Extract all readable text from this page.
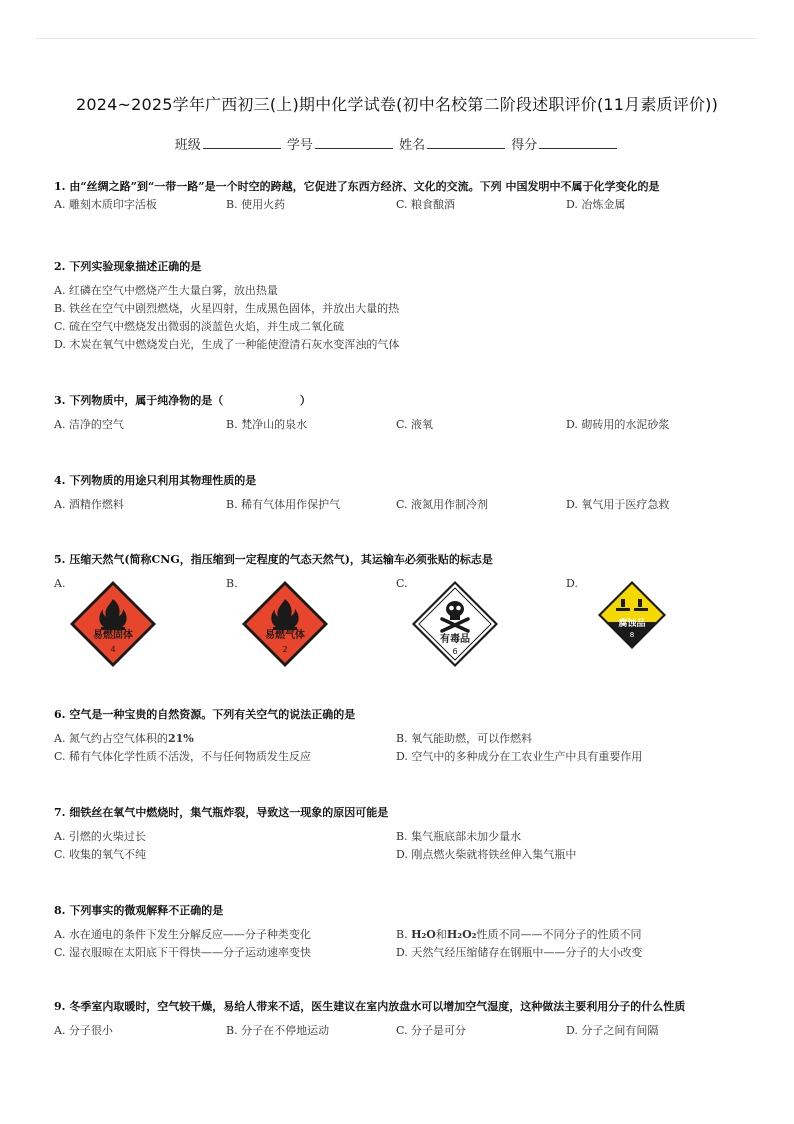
2024~2025学年广西初三(上)期中化学试卷(初中名校第二阶段述职评价(11月素质评价))
班级	学号	姓名	得分
1. 由“丝绸之路”到“一带一路”是一个时空的跨越，它促进了东西方经济、文化的交流。下列 中国发明中不属于化学变化的是
A. 雕刻木质印字活板	B. 使用火药	C. 粮食酿酒	D. 冶炼金属
2. 下列实验现象描述正确的是
A. 红磷在空气中燃烧产生大量白雾，放出热量
B. 铁丝在空气中剧烈燃烧，火星四射，生成黑色固体，并放出大量的热
C. 硫在空气中燃烧发出微弱的淡蓝色火焰，并生成二氧化硫
D. 木炭在氧气中燃烧发白光，生成了一种能使澄清石灰水变浑浊的气体
3. 下列物质中，属于纯净物的是（                    ）
A. 洁净的空气	B. 梵净山的泉水	C. 液氧	D. 砌砖用的水泥砂浆
4. 下列物质的用途只利用其物理性质的是
A. 酒精作燃料	B. 稀有气体用作保护气	C. 液氮用作制冷剂	D. 氧气用于医疗急救
5. 压缩天然气(简称CNG，指压缩到一定程度的气态天然气)，其运输车必须张贴的标志是
A.
易燃固体
4
B.
易燃气体
2
C.
有毒品
6
D.
腐蚀品
8
6. 空气是一种宝贵的自然资源。下列有关空气的说法正确的是
A. 氮气约占空气体积的21%	B. 氧气能助燃，可以作燃料
C. 稀有气体化学性质不活泼，不与任何物质发生反应	D. 空气中的多种成分在工农业生产中具有重要作用
7. 细铁丝在氧气中燃烧时，集气瓶炸裂，导致这一现象的原因可能是
A. 引燃的火柴过长	B. 集气瓶底部未加少量水
C. 收集的氧气不纯	D. 刚点燃火柴就将铁丝伸入集气瓶中
8. 下列事实的微观解释不正确的是
A. 水在通电的条件下发生分解反应——分子种类变化	B. H₂O和H₂O₂性质不同——不同分子的性质不同
C. 湿衣服晾在太阳底下干得快——分子运动速率变快	D. 天然气经压缩储存在钢瓶中——分子的大小改变
9. 冬季室内取暖时，空气较干燥，易给人带来不适，医生建议在室内放盘水可以增加空气湿度，这种做法主要利用分子的什么性质
A. 分子很小	B. 分子在不停地运动	C. 分子是可分	D. 分子之间有间隔
